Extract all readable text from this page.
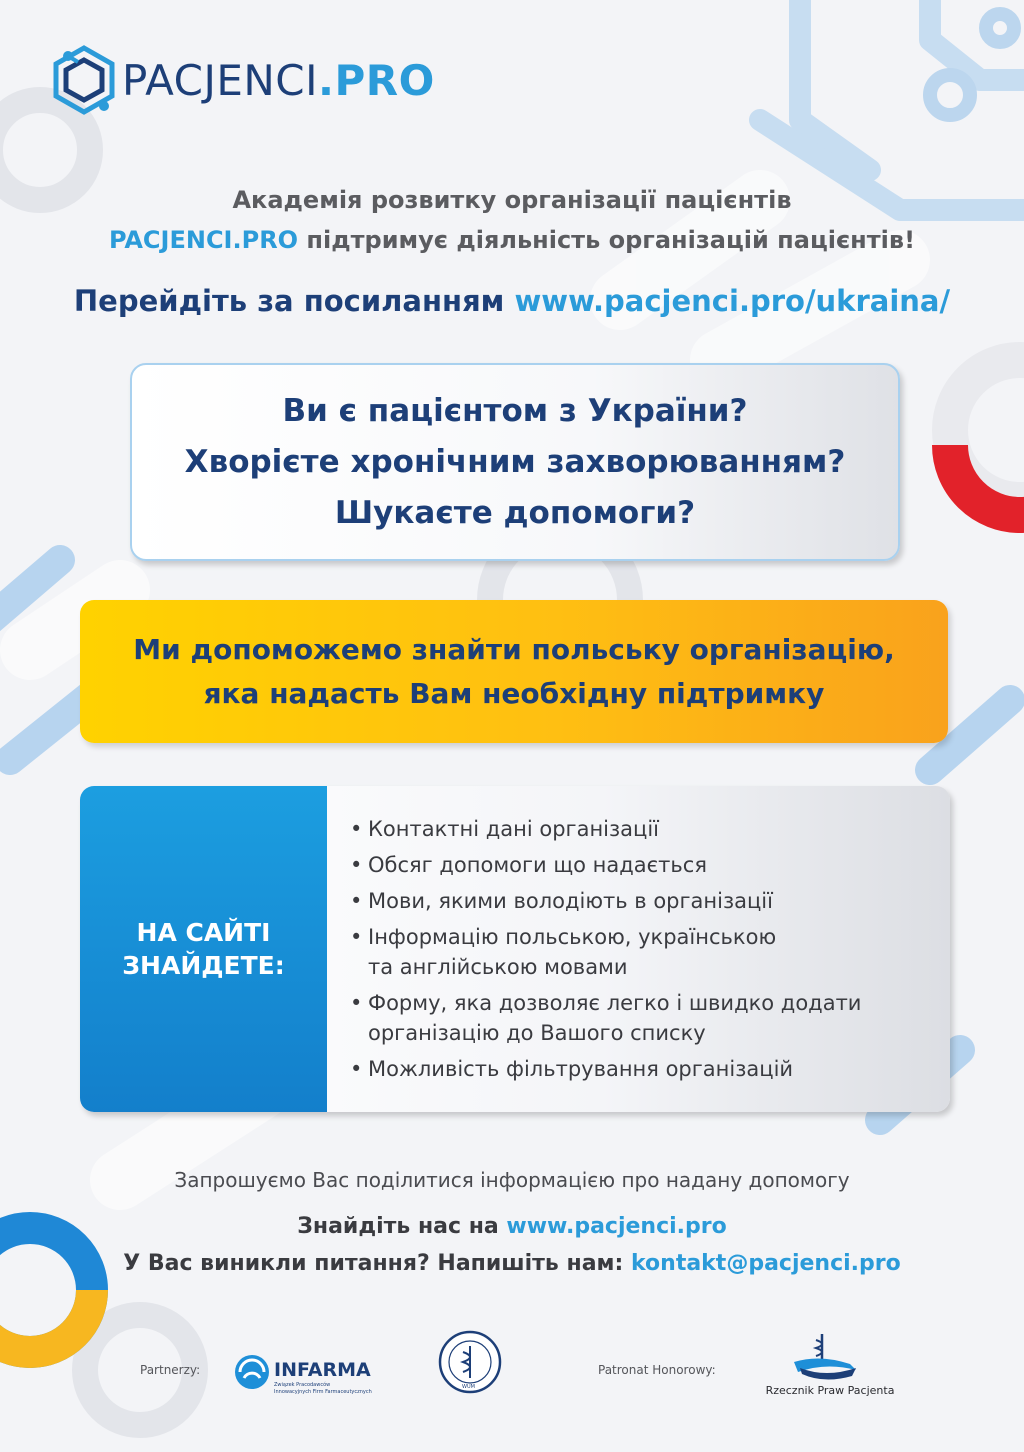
PACJENCI.PRO
Академія розвитку організації пацієнтів
PACJENCI.PRO підтримує діяльність організацій пацієнтів!
Перейдіть за посиланням www.pacjenci.pro/ukraina/
Ви є пацієнтом з України?
Хворієте хронічним захворюванням?
Шукаєте допомоги?
Ми допоможемо знайти польську організацію,
яка надасть Вам необхідну підтримку
НА САЙТІ
ЗНАЙДЕТЕ:
• Контактні дані організації
• Обсяг допомоги що надається
• Мови, якими володіють в організації
• Інформацію польською, українською
та англійською мовами
• Форму, яка дозволяє легко і швидко додати
організацію до Вашого списку
• Можливість фільтрування організацій
Запрошуємо Вас поділитися інформацією про надану допомогу
Знайдіть нас на www.pacjenci.pro
У Вас виникли питання? Напишіть нам: kontakt@pacjenci.pro
Partnerzy:	INFARMA
Związek Pracodawców
Innowacyjnych Firm Farmaceutycznych
WUM
Patronat Honorowy:
Rzecznik Praw Pacjenta
